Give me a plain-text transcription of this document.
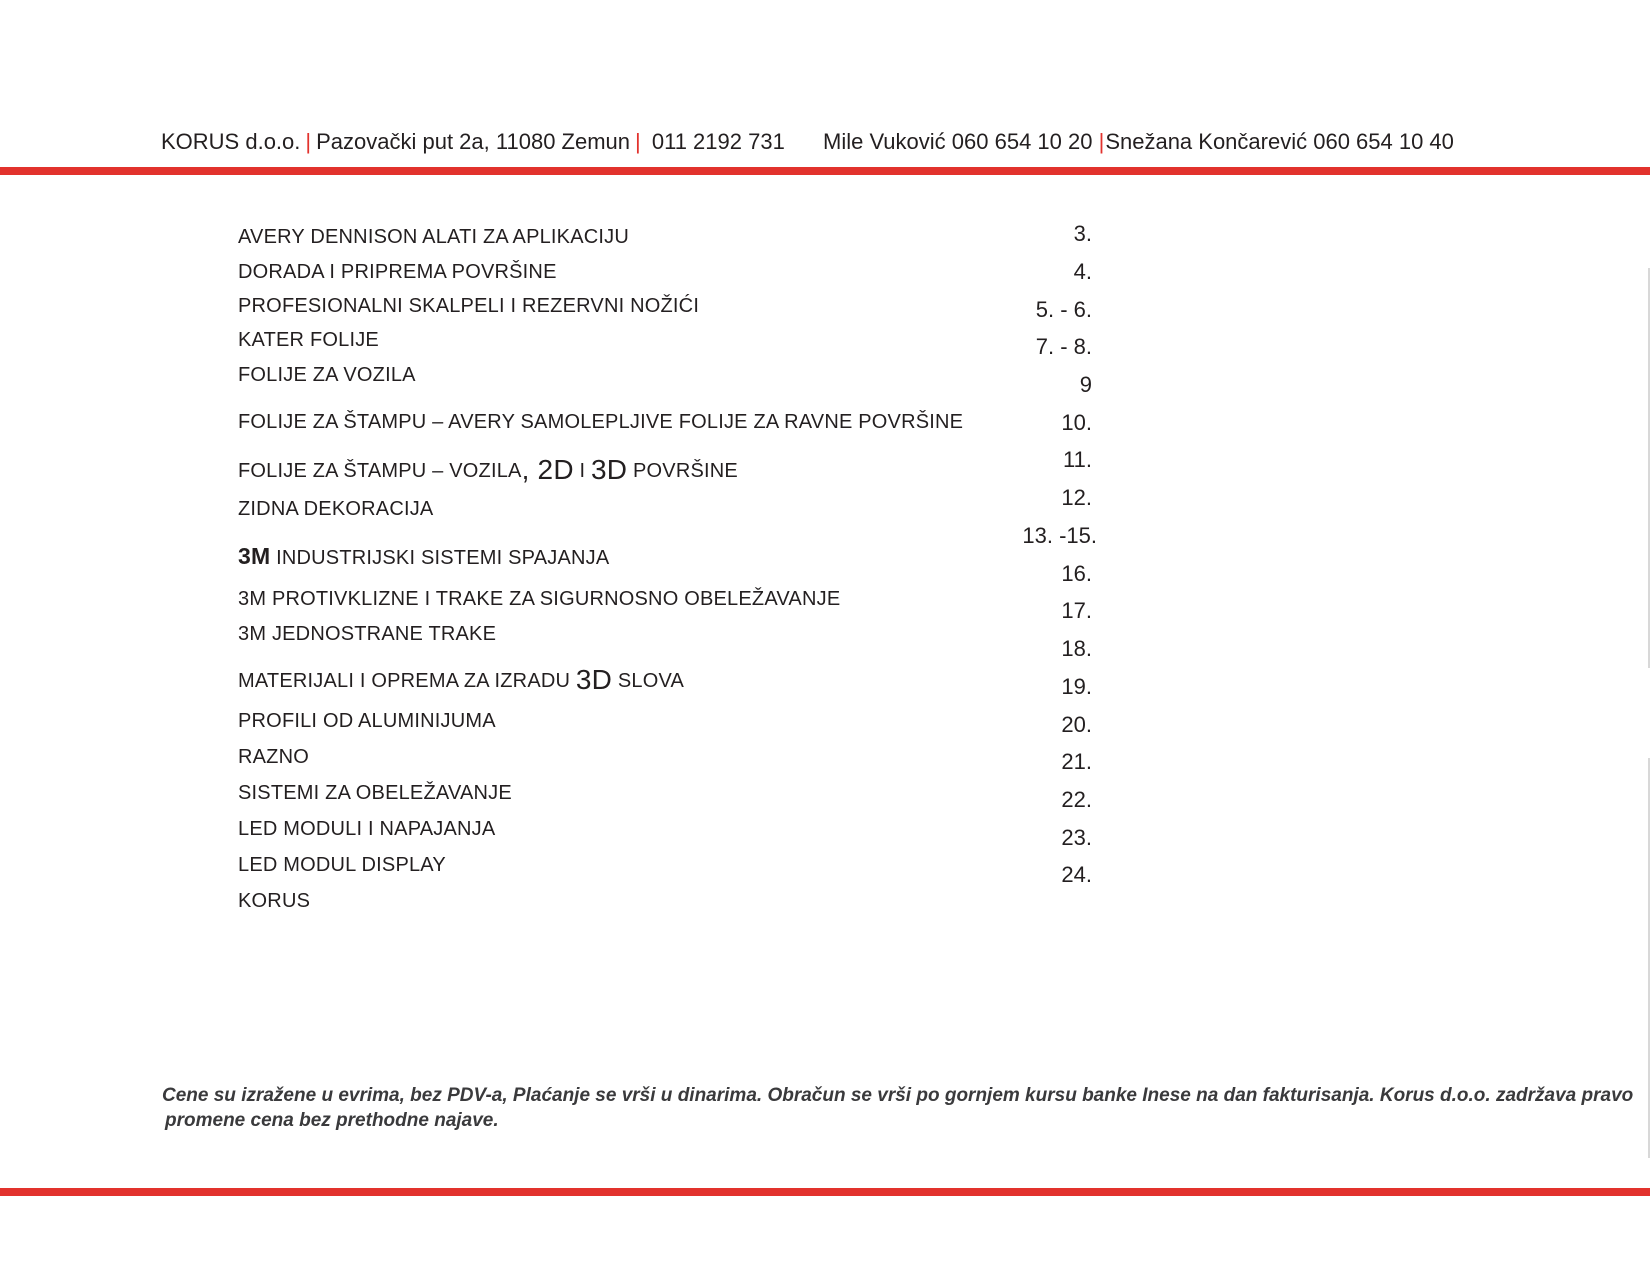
KORUS d.o.o. | Pazovački put 2a, 11080 Zemun | 011 2192 731 Mile Vuković 060 654 10 20 |Snežana Končarević 060 654 10 40
AVERY DENNISON ALATI ZA APLIKACIJU
DORADA I PRIPREMA POVRŠINE
PROFESIONALNI SKALPELI I REZERVNI NOŽIĆI
KATER FOLIJE
FOLIJE ZA VOZILA
FOLIJE ZA ŠTAMPU – AVERY SAMOLEPLJIVE FOLIJE ZA RAVNE POVRŠINE
FOLIJE ZA ŠTAMPU – VOZILA, 2D I 3D POVRŠINE
ZIDNA DEKORACIJA
3M INDUSTRIJSKI SISTEMI SPAJANJA
3M PROTIVKLIZNE I TRAKE ZA SIGURNOSNO OBELEŽAVANJE
3M JEDNOSTRANE TRAKE
MATERIJALI I OPREMA ZA IZRADU 3D SLOVA
PROFILI OD ALUMINIJUMA
RAZNO
SISTEMI ZA OBELEŽAVANJE
LED MODULI I NAPAJANJA
LED MODUL DISPLAY
KORUS
3.
4.
5. - 6.
7. - 8.
9
10.
11.
12.
13. -15.
16.
17.
18.
19.
20.
21.
22.
23.
24.
Cene su izražene u evrima, bez PDV-a, Plaćanje se vrši u dinarima. Obračun se vrši po gornjem kursu banke Inese na dan fakturisanja. Korus d.o.o. zadržava pravo
promene cena bez prethodne najave.
